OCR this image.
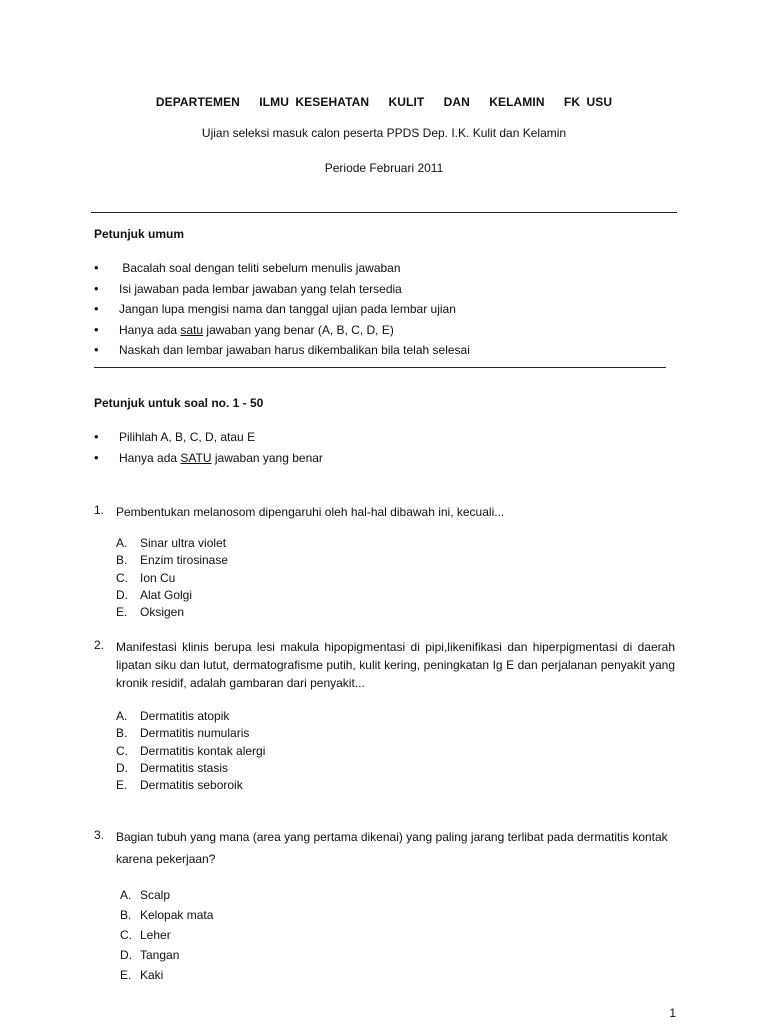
DEPARTEMEN   ILMU KESEHATAN   KULIT   DAN   KELAMIN   FK USU
Ujian seleksi masuk calon peserta PPDS Dep. I.K. Kulit dan Kelamin
Periode Februari 2011
Petunjuk umum
•  Bacalah soal dengan teliti sebelum menulis jawaban
• Isi jawaban pada lembar jawaban yang telah tersedia
• Jangan lupa mengisi nama dan tanggal ujian pada lembar ujian
• Hanya ada satu jawaban yang benar (A, B, C, D, E)
• Naskah dan lembar jawaban harus dikembalikan bila telah selesai
Petunjuk untuk soal no. 1 - 50
• Pilihlah A, B, C, D, atau E
• Hanya ada SATU jawaban yang benar
1. Pembentukan melanosom dipengaruhi oleh hal-hal dibawah ini, kecuali...
A. Sinar ultra violet
B. Enzim tirosinase
C. Ion Cu
D. Alat Golgi
E. Oksigen
2. Manifestasi klinis berupa lesi makula hipopigmentasi di pipi,likenifikasi dan hiperpigmentasi di daerah lipatan siku dan lutut, dermatografisme putih, kulit kering, peningkatan Ig E dan perjalanan penyakit yang kronik residif, adalah gambaran dari penyakit...
A. Dermatitis atopik
B. Dermatitis numularis
C. Dermatitis kontak alergi
D. Dermatitis stasis
E. Dermatitis seboroik
3. Bagian tubuh yang mana (area yang pertama dikenai) yang paling jarang terlibat pada dermatitis kontak karena pekerjaan?
A. Scalp
B. Kelopak mata
C. Leher
D. Tangan
E. Kaki
1
